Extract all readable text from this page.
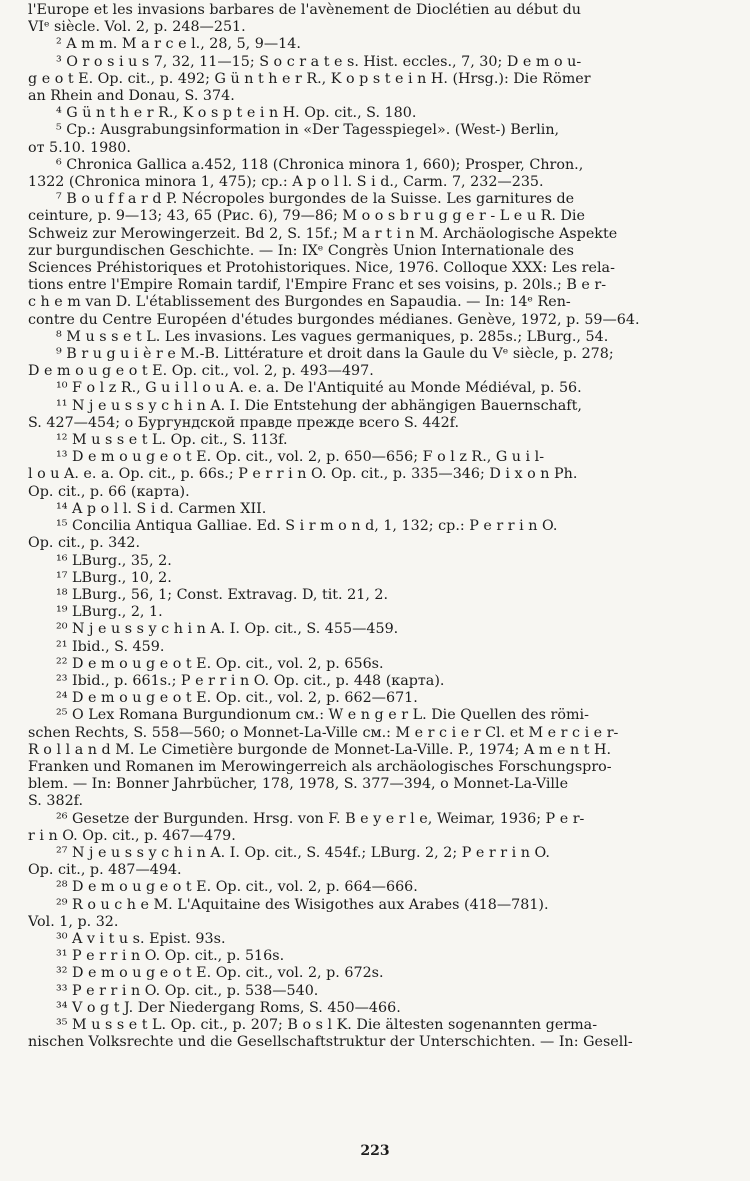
l'Europe et les invasions barbares de l'avènement de Dioclétien au début du
VIᵉ siècle. Vol. 2, p. 248—251.
² A m m. M a r c e l., 28, 5, 9—14.
³ O r o s i u s 7, 32, 11—15; S o c r a t e s. Hist. eccles., 7, 30; D e m o u-
g e o t E. Op. cit., p. 492; G ü n t h e r R., K o p s t e i n H. (Hrsg.): Die Römer
an Rhein and Donau, S. 374.
⁴ G ü n t h e r R., K o s p t e i n H. Op. cit., S. 180.
⁵ Cp.: Ausgrabungsinformation in «Der Tagesspiegel». (West-) Berlin,
от 5.10. 1980.
⁶ Chronica Gallica a.452, 118 (Chronica minora 1, 660); Prosper, Chron.,
1322 (Chronica minora 1, 475); ср.: A p o l l. S i d., Carm. 7, 232—235.
⁷ B o u f f a r d P. Nécropoles burgondes de la Suisse. Les garnitures de
ceinture, p. 9—13; 43, 65 (Рис. 6), 79—86; M o o s b r u g g e r - L e u R. Die
Schweiz zur Merowingerzeit. Bd 2, S. 15f.; M a r t i n M. Archäologische Aspekte
zur burgundischen Geschichte. — In: IXᵉ Congrès Union Internationale des
Sciences Préhistoriques et Protohistoriques. Nice, 1976. Colloque XXX: Les rela-
tions entre l'Empire Romain tardif, l'Empire Franc et ses voisins, p. 20ls.; B e r-
c h e m van D. L'établissement des Burgondes en Sapaudia. — In: 14ᵉ Ren-
contre du Centre Européen d'études burgondes médianes. Genève, 1972, p. 59—64.
⁸ M u s s e t L. Les invasions. Les vagues germaniques, p. 285s.; LBurg., 54.
⁹ B r u g u i è r e M.-B. Littérature et droit dans la Gaule du Vᵉ siècle, p. 278;
D e m o u g e o t E. Op. cit., vol. 2, p. 493—497.
¹⁰ F o l z R., G u i l l o u A. e. a. De l'Antiquité au Monde Médiéval, p. 56.
¹¹ N j e u s s y c h i n A. I. Die Entstehung der abhängigen Bauernschaft,
S. 427—454; о Бургундской правде прежде всего S. 442f.
¹² M u s s e t L. Op. cit., S. 113f.
¹³ D e m o u g e o t E. Op. cit., vol. 2, p. 650—656; F o l z R., G u i l-
l o u A. e. a. Op. cit., p. 66s.; P e r r i n O. Op. cit., p. 335—346; D i x o n Ph.
Op. cit., p. 66 (карта).
¹⁴ A p o l l. S i d. Carmen XII.
¹⁵ Concilia Antiqua Galliae. Ed. S i r m o n d, 1, 132; ср.: P e r r i n O.
Op. cit., p. 342.
¹⁶ LBurg., 35, 2.
¹⁷ LBurg., 10, 2.
¹⁸ LBurg., 56, 1; Const. Extravag. D, tit. 21, 2.
¹⁹ LBurg., 2, 1.
²⁰ N j e u s s y c h i n A. I. Op. cit., S. 455—459.
²¹ Ibid., S. 459.
²² D e m o u g e o t E. Op. cit., vol. 2, p. 656s.
²³ Ibid., p. 661s.; P e r r i n O. Op. cit., p. 448 (карта).
²⁴ D e m o u g e o t E. Op. cit., vol. 2, p. 662—671.
²⁵ О Lex Romana Burgundionum см.: W e n g e r L. Die Quellen des römi-
schen Rechts, S. 558—560; о Monnet-La-Ville см.: M e r c i e r Cl. et M e r c i e r-
R o l l a n d M. Le Cimetière burgonde de Monnet-La-Ville. P., 1974; A m e n t H.
Franken und Romanen im Merowingerreich als archäologisches Forschungspro-
blem. — In: Bonner Jahrbücher, 178, 1978, S. 377—394, о Monnet-La-Ville
S. 382f.
²⁶ Gesetze der Burgunden. Hrsg. von F. B e y e r l e, Weimar, 1936; P e r-
r i n O. Op. cit., p. 467—479.
²⁷ N j e u s s y c h i n A. I. Op. cit., S. 454f.; LBurg. 2, 2; P e r r i n O.
Op. cit., p. 487—494.
²⁸ D e m o u g e o t E. Op. cit., vol. 2, p. 664—666.
²⁹ R o u c h e M. L'Aquitaine des Wisigothes aux Arabes (418—781).
Vol. 1, p. 32.
³⁰ A v i t u s. Epist. 93s.
³¹ P e r r i n O. Op. cit., p. 516s.
³² D e m o u g e o t E. Op. cit., vol. 2, p. 672s.
³³ P e r r i n O. Op. cit., p. 538—540.
³⁴ V o g t J. Der Niedergang Roms, S. 450—466.
³⁵ M u s s e t L. Op. cit., p. 207; B o s l K. Die ältesten sogenannten germa-
nischen Volksrechte und die Gesellschaftstruktur der Unterschichten. — In: Gesell-
223
